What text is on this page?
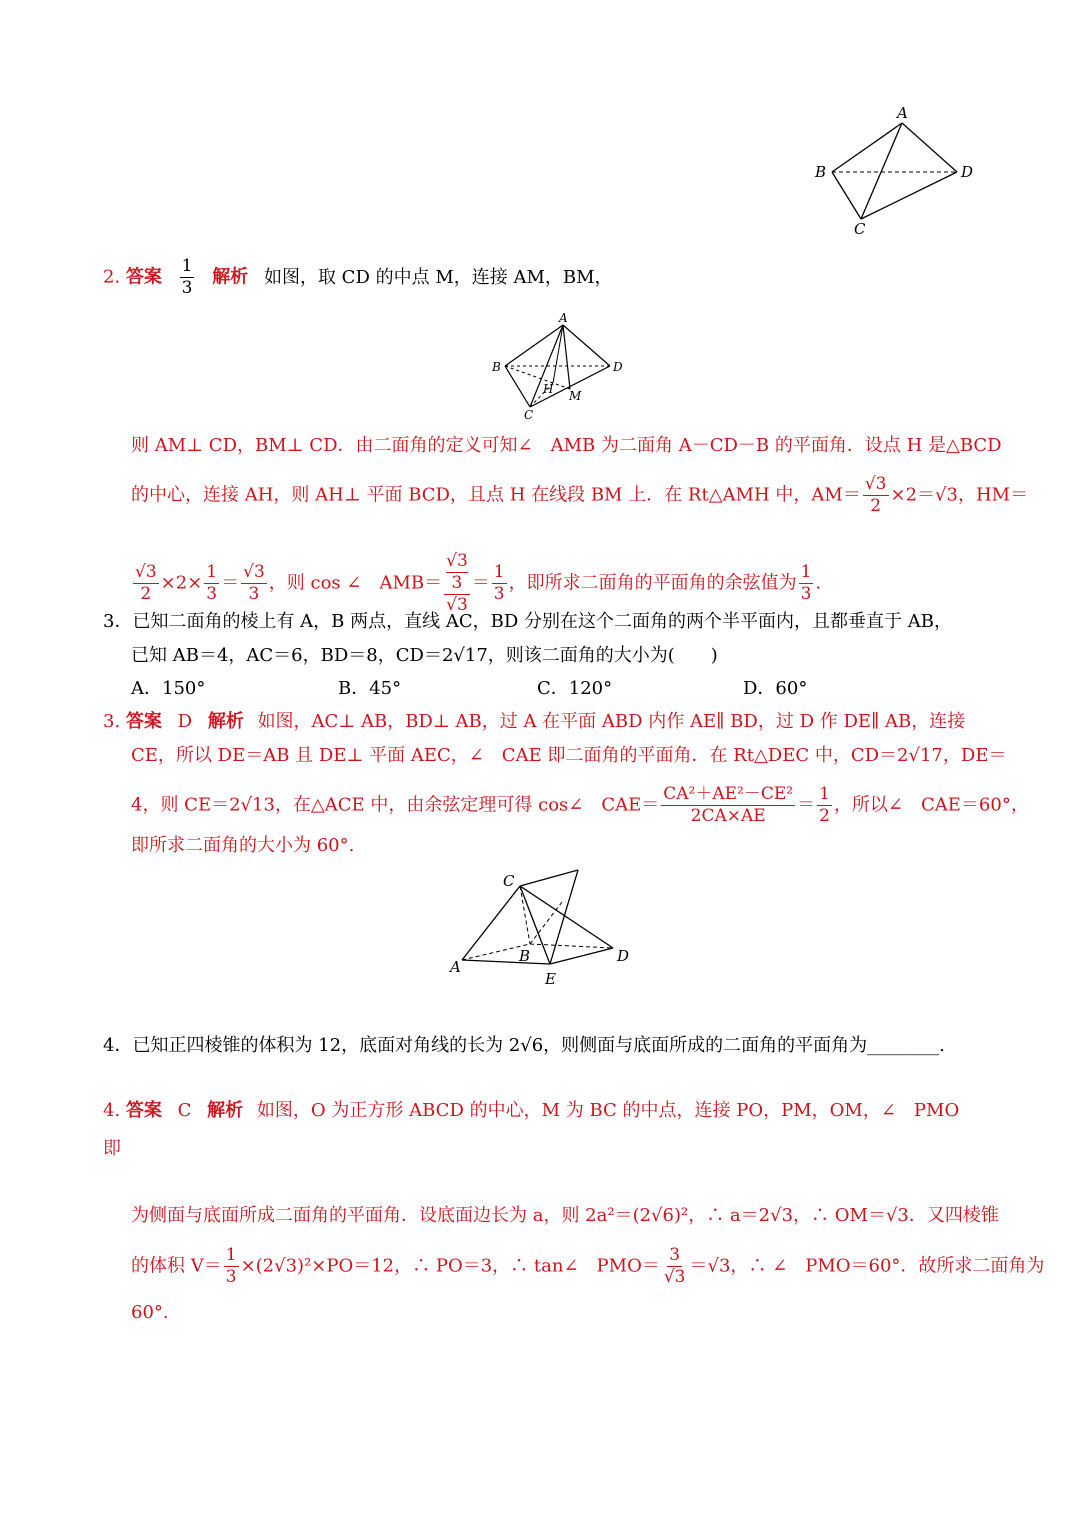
A
B
C
D
2. 答案 $\frac{1}{3}$ 解析 如图，取 CD 的中点 M，连接 AM，BM，
A
B
C
D
H M
则 AM⊥ CD，BM⊥ CD．由二面角的定义可知∠　AMB 为二面角 A－CD－B 的平面角．设点 H 是△BCD
的中心，连接 AH，则 AH⊥ 平面 BCD，且点 H 在线段 BM 上．在 Rt△AMH 中，$AM= \frac{√3}{2} \times 2=√3$，HM＝
$\frac{√3}{2} \times 2\times \frac{1}{3} = \frac{√3}{3}$ ，则 cos ∠　AMB＝ √3
3
$√3 = \frac{1}{3}$ ，即所求二面角的平面角的余弦值为 $\frac{1}{3}$ .
3．已知二面角的棱上有 A，B 两点，直线 AC，BD 分别在这个二面角的两个半平面内，且都垂直于 AB，
已知 AB＝4，AC＝6，BD＝8，CD＝2√17，则该二面角的大小为(　　)
A．150°	B．45°	C．120°	D．60°
3. 答案 D 解析 如图，AC⊥ AB，BD⊥ AB，过 A 在平面 ABD 内作 AE∥ BD，过 D 作 DE∥ AB，连接
CE，所以 DE＝AB 且 DE⊥ 平面 AEC，∠　CAE 即二面角的平面角．在 Rt△DEC 中，CD＝2√17，DE＝
4，则 CE＝2√13，在△ACE 中，由余弦定理可得 cos∠　$CAE= \frac{\text{CA²＋AE²－CE²}}{2CA\times AE} = \frac{1}{2}$ ，所以∠　CAE＝60°，
即所求二面角的大小为 60°.
C
A
B	D
E
4．已知正四棱锥的体积为 12，底面对角线的长为 2√6，则侧面与底面所成的二面角的平面角为________.
4. 答案 C 解析 如图，O 为正方形 ABCD 的中心，M 为 BC 的中点，连接 PO，PM，OM，∠　PMO
即
为侧面与底面所成二面角的平面角．设底面边长为 a，则 2a²＝(2√6)²，∴ a＝2√3，∴ OM＝√3．又四棱锥
的体积 $V= \frac{1}{3} \times(2√3)^2\times PO=12$，∴ PO＝3，∴ tan∠　$PMO= \frac{3}{√3} =√3$，∴ ∠　PMO＝60°．故所求二面角为
60°.
